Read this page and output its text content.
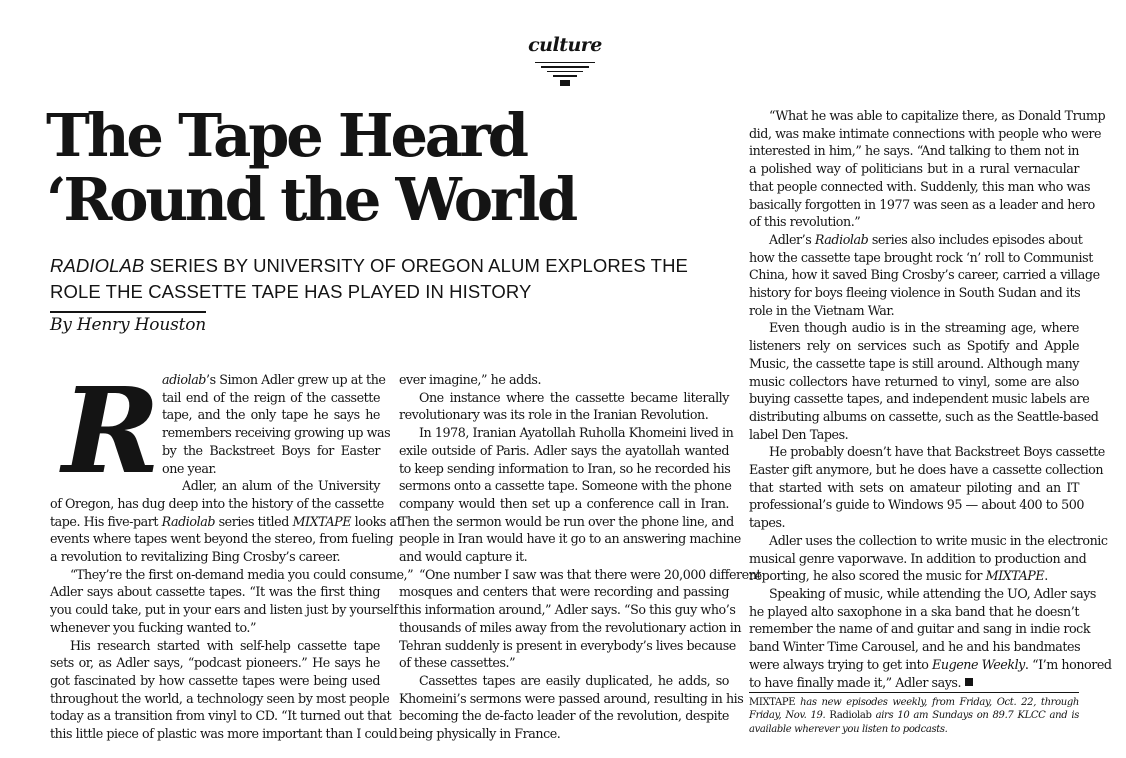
culture
The Tape Heard
‘Round the World
RADIOLAB SERIES BY UNIVERSITY OF OREGON ALUM EXPLORES THE
ROLE THE CASSETTE TAPE HAS PLAYED IN HISTORY
By Henry Houston
R adiolab’s Simon Adler grew up at the
tail end of the reign of the cassette
tape, and the only tape he says he
remembers receiving growing up was
by the Backstreet Boys for Easter
one year.

Adler, an alum of the University
of Oregon, has dug deep into the history of the cassette
tape. His five-part Radiolab series titled MIXTAPE looks at
events where tapes went beyond the stereo, from fueling
a revolution to revitalizing Bing Crosby’s career.

“They’re the first on-demand media you could consume,”
Adler says about cassette tapes. “It was the first thing
you could take, put in your ears and listen just by yourself
whenever you fucking wanted to.”

His research started with self-help cassette tape
sets or, as Adler says, “podcast pioneers.” He says he
got fascinated by how cassette tapes were being used
throughout the world, a technology seen by most people
today as a transition from vinyl to CD. “It turned out that
this little piece of plastic was more important than I could

ever imagine,” he adds.

One instance where the cassette became literally
revolutionary was its role in the Iranian Revolution.

In 1978, Iranian Ayatollah Ruholla Khomeini lived in
exile outside of Paris. Adler says the ayatollah wanted
to keep sending information to Iran, so he recorded his
sermons onto a cassette tape. Someone with the phone
company would then set up a conference call in Iran.
Then the sermon would be run over the phone line, and
people in Iran would have it go to an answering machine
and would capture it.

“One number I saw was that there were 20,000 different
mosques and centers that were recording and passing
this information around,” Adler says. “So this guy who’s
thousands of miles away from the revolutionary action in
Tehran suddenly is present in everybody’s lives because
of these cassettes.”

Cassettes tapes are easily duplicated, he adds, so
Khomeini’s sermons were passed around, resulting in his
becoming the de-facto leader of the revolution, despite
being physically in France.

“What he was able to capitalize there, as Donald Trump
did, was make intimate connections with people who were
interested in him,” he says. “And talking to them not in
a polished way of politicians but in a rural vernacular
that people connected with. Suddenly, this man who was
basically forgotten in 1977 was seen as a leader and hero
of this revolution.”

Adler’s Radiolab series also includes episodes about
how the cassette tape brought rock ‘n’ roll to Communist
China, how it saved Bing Crosby’s career, carried a village
history for boys fleeing violence in South Sudan and its
role in the Vietnam War.

Even though audio is in the streaming age, where
listeners rely on services such as Spotify and Apple
Music, the cassette tape is still around. Although many
music collectors have returned to vinyl, some are also
buying cassette tapes, and independent music labels are
distributing albums on cassette, such as the Seattle-based
label Den Tapes.

He probably doesn’t have that Backstreet Boys cassette
Easter gift anymore, but he does have a cassette collection
that started with sets on amateur piloting and an IT
professional’s guide to Windows 95 — about 400 to 500
tapes.

Adler uses the collection to write music in the electronic
musical genre vaporwave. In addition to production and
reporting, he also scored the music for MIXTAPE.

Speaking of music, while attending the UO, Adler says
he played alto saxophone in a ska band that he doesn’t
remember the name of and guitar and sang in indie rock
band Winter Time Carousel, and he and his bandmates
were always trying to get into Eugene Weekly. “I’m honored
to have finally made it,” Adler says.

MIXTAPE has new episodes weekly, from Friday, Oct. 22, through
Friday, Nov. 19. Radiolab airs 10 am Sundays on 89.7 KLCC and is
available wherever you listen to podcasts.
